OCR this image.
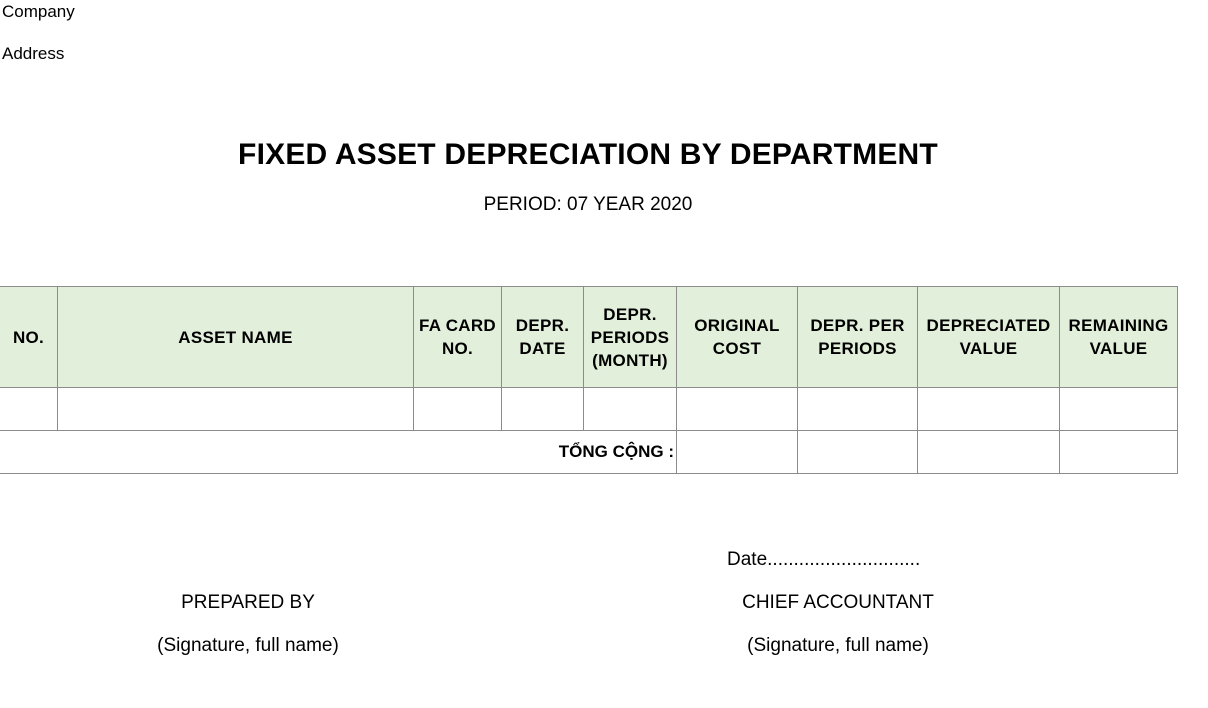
Company
Address
FIXED ASSET DEPRECIATION BY DEPARTMENT
PERIOD: 07 YEAR 2020
NO.	ASSET NAME	FA CARD NO.	DEPR. DATE	DEPR. PERIODS (MONTH)	ORIGINAL COST	DEPR. PER PERIODS	DEPRECIATED VALUE	REMAINING VALUE

TỔNG CỘNG :								
Date.............................
PREPARED BY
(Signature, full name)
CHIEF ACCOUNTANT
(Signature, full name)
